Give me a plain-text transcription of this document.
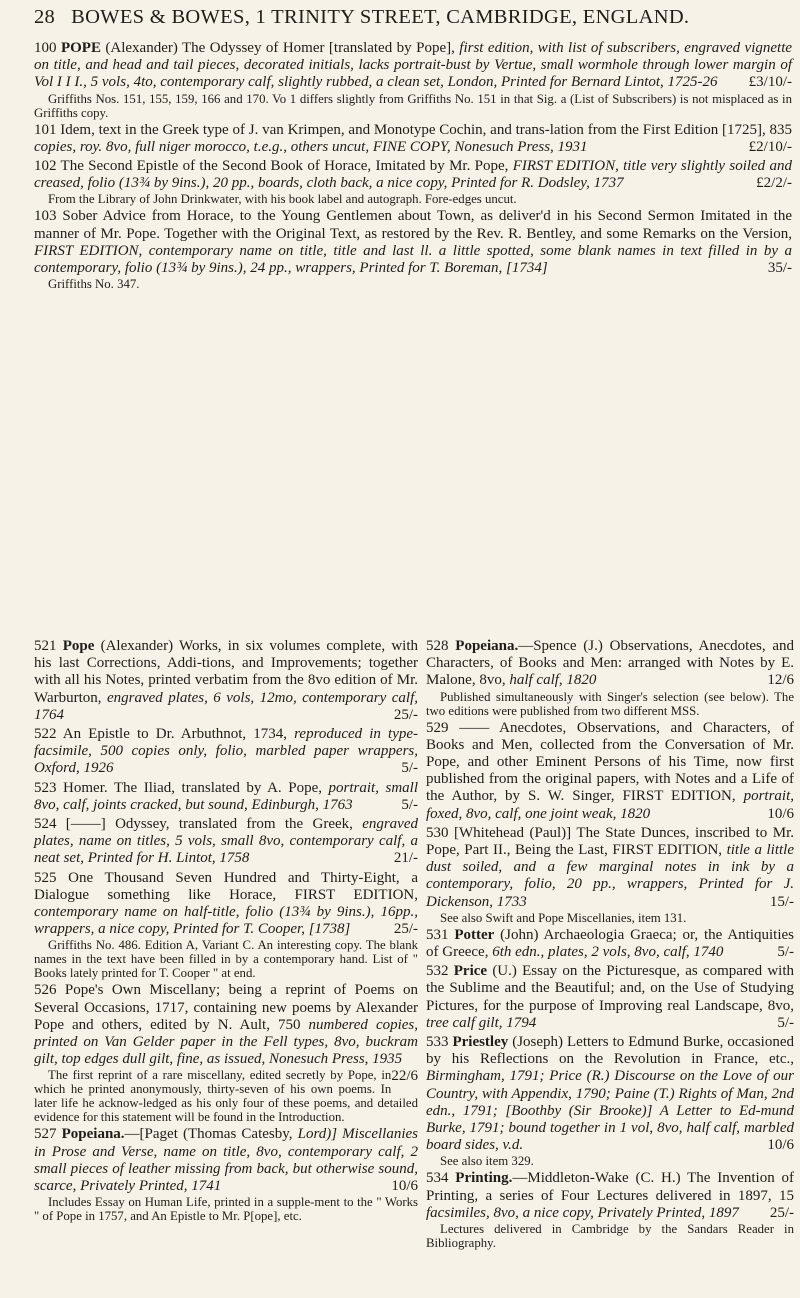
28 BOWES & BOWES, 1 TRINITY STREET, CAMBRIDGE, ENGLAND.

100 POPE (Alexander) The Odyssey of Homer [translated by Pope], first edition, with list of subscribers, engraved vignette on title, and head and tail pieces, decorated initials, lacks portrait-bust by Vertue, small wormhole through lower margin of Vol I I I., 5 vols, 4to, contemporary calf, slightly rubbed, a clean set, London, Printed for Bernard Lintot, 1725-26 £3/10/-

Griffiths Nos. 151, 155, 159, 166 and 170. Vo 1 differs slightly from Griffiths No. 151 in that Sig. a (List of Subscribers) is not misplaced as in Griffiths copy.

101 Idem, text in the Greek type of J. van Krimpen, and Monotype Cochin, and trans-lation from the First Edition [1725], 835 copies, roy. 8vo, full niger morocco, t.e.g., others uncut, FINE COPY, Nonesuch Press, 1931	£2/10/-

102 The Second Epistle of the Second Book of Horace, Imitated by Mr. Pope, FIRST EDITION, title very slightly soiled and creased, folio (13¾ by 9ins.), 20 pp., boards, cloth back, a nice copy, Printed for R. Dodsley, 1737	£2/2/-

From the Library of John Drinkwater, with his book label and autograph. Fore-edges uncut.

103 Sober Advice from Horace, to the Young Gentlemen about Town, as deliver'd in his Second Sermon Imitated in the manner of Mr. Pope. Together with the Original Text, as restored by the Rev. R. Bentley, and some Remarks on the Version, FIRST EDITION, contemporary name on title, title and last ll. a little spotted, some blank names in text filled in by a contemporary, folio (13¾ by 9ins.), 24 pp., wrappers, Printed for T. Boreman, [1734]	35/-

Griffiths No. 347.

521 Pope (Alexander) Works, in six volumes complete, with his last Corrections, Addi-tions, and Improvements; together with all his Notes, printed verbatim from the 8vo edition of Mr. Warburton, engraved plates, 6 vols, 12mo, contemporary calf, 1764	25/-

522 An Epistle to Dr. Arbuthnot, 1734, reproduced in type-facsimile, 500 copies only, folio, marbled paper wrappers, Oxford, 1926	5/-

523 Homer. The Iliad, translated by A. Pope, portrait, small 8vo, calf, joints cracked, but sound, Edinburgh, 1763	5/-

524 [——] Odyssey, translated from the Greek, engraved plates, name on titles, 5 vols, small 8vo, contemporary calf, a neat set, Printed for H. Lintot, 1758	21/-

525 One Thousand Seven Hundred and Thirty-Eight, a Dialogue something like Horace, FIRST EDITION, contemporary name on half-title, folio (13¾ by 9ins.), 16pp., wrappers, a nice copy, Printed for T. Cooper, [1738]	25/-

Griffiths No. 486. Edition A, Variant C. An interesting copy. The blank names in the text have been filled in by a contemporary hand. List of " Books lately printed for T. Cooper " at end.

526 Pope's Own Miscellany; being a reprint of Poems on Several Occasions, 1717, containing new poems by Alexander Pope and others, edited by N. Ault, 750 numbered copies, printed on Van Gelder paper in the Fell types, 8vo, buckram gilt, top edges dull gilt, fine, as issued, Nonesuch Press, 1935
22/6

The first reprint of a rare miscellany, edited secretly by Pope, in which he printed anonymously, thirty-seven of his own poems. In later life he acknow-ledged as his only four of these poems, and detailed evidence for this statement will be found in the Introduction.

527 Popeiana.—[Paget (Thomas Catesby, Lord)] Miscellanies in Prose and Verse, name on title, 8vo, contemporary calf, 2 small pieces of leather missing from back, but otherwise sound, scarce, Privately Printed, 1741	10/6

Includes Essay on Human Life, printed in a supple-ment to the " Works " of Pope in 1757, and An Epistle to Mr. P[ope], etc.

528 Popeiana.—Spence (J.) Observations, Anecdotes, and Characters, of Books and Men: arranged with Notes by E. Malone, 8vo, half calf, 1820	12/6

Published simultaneously with Singer's selection (see below). The two editions were published from two different MSS.

529 —— Anecdotes, Observations, and Characters, of Books and Men, collected from the Conversation of Mr. Pope, and other Eminent Persons of his Time, now first published from the original papers, with Notes and a Life of the Author, by S. W. Singer, FIRST EDITION, portrait, foxed, 8vo, calf, one joint weak, 1820	10/6

530 [Whitehead (Paul)] The State Dunces, inscribed to Mr. Pope, Part II., Being the Last, FIRST EDITION, title a little dust soiled, and a few marginal notes in ink by a contemporary, folio, 20 pp., wrappers, Printed for J. Dickenson, 1733	15/-

See also Swift and Pope Miscellanies, item 131.

531 Potter (John) Archaeologia Graeca; or, the Antiquities of Greece, 6th edn., plates, 2 vols, 8vo, calf, 1740	5/-

532 Price (U.) Essay on the Picturesque, as compared with the Sublime and the Beautiful; and, on the Use of Studying Pictures, for the purpose of Improving real Landscape, 8vo, tree calf gilt, 1794	5/-

533 Priestley (Joseph) Letters to Edmund Burke, occasioned by his Reflections on the Revolution in France, etc., Birmingham, 1791; Price (R.) Discourse on the Love of our Country, with Appendix, 1790; Paine (T.) Rights of Man, 2nd edn., 1791; [Boothby (Sir Brooke)] A Letter to Ed-mund Burke, 1791; bound together in 1 vol, 8vo, half calf, marbled board sides, v.d.	10/6

See also item 329.

534 Printing.—Middleton-Wake (C. H.) The Invention of Printing, a series of Four Lectures delivered in 1897, 15 facsimiles, 8vo, a nice copy, Privately Printed, 1897 25/-

Lectures delivered in Cambridge by the Sandars Reader in Bibliography.
